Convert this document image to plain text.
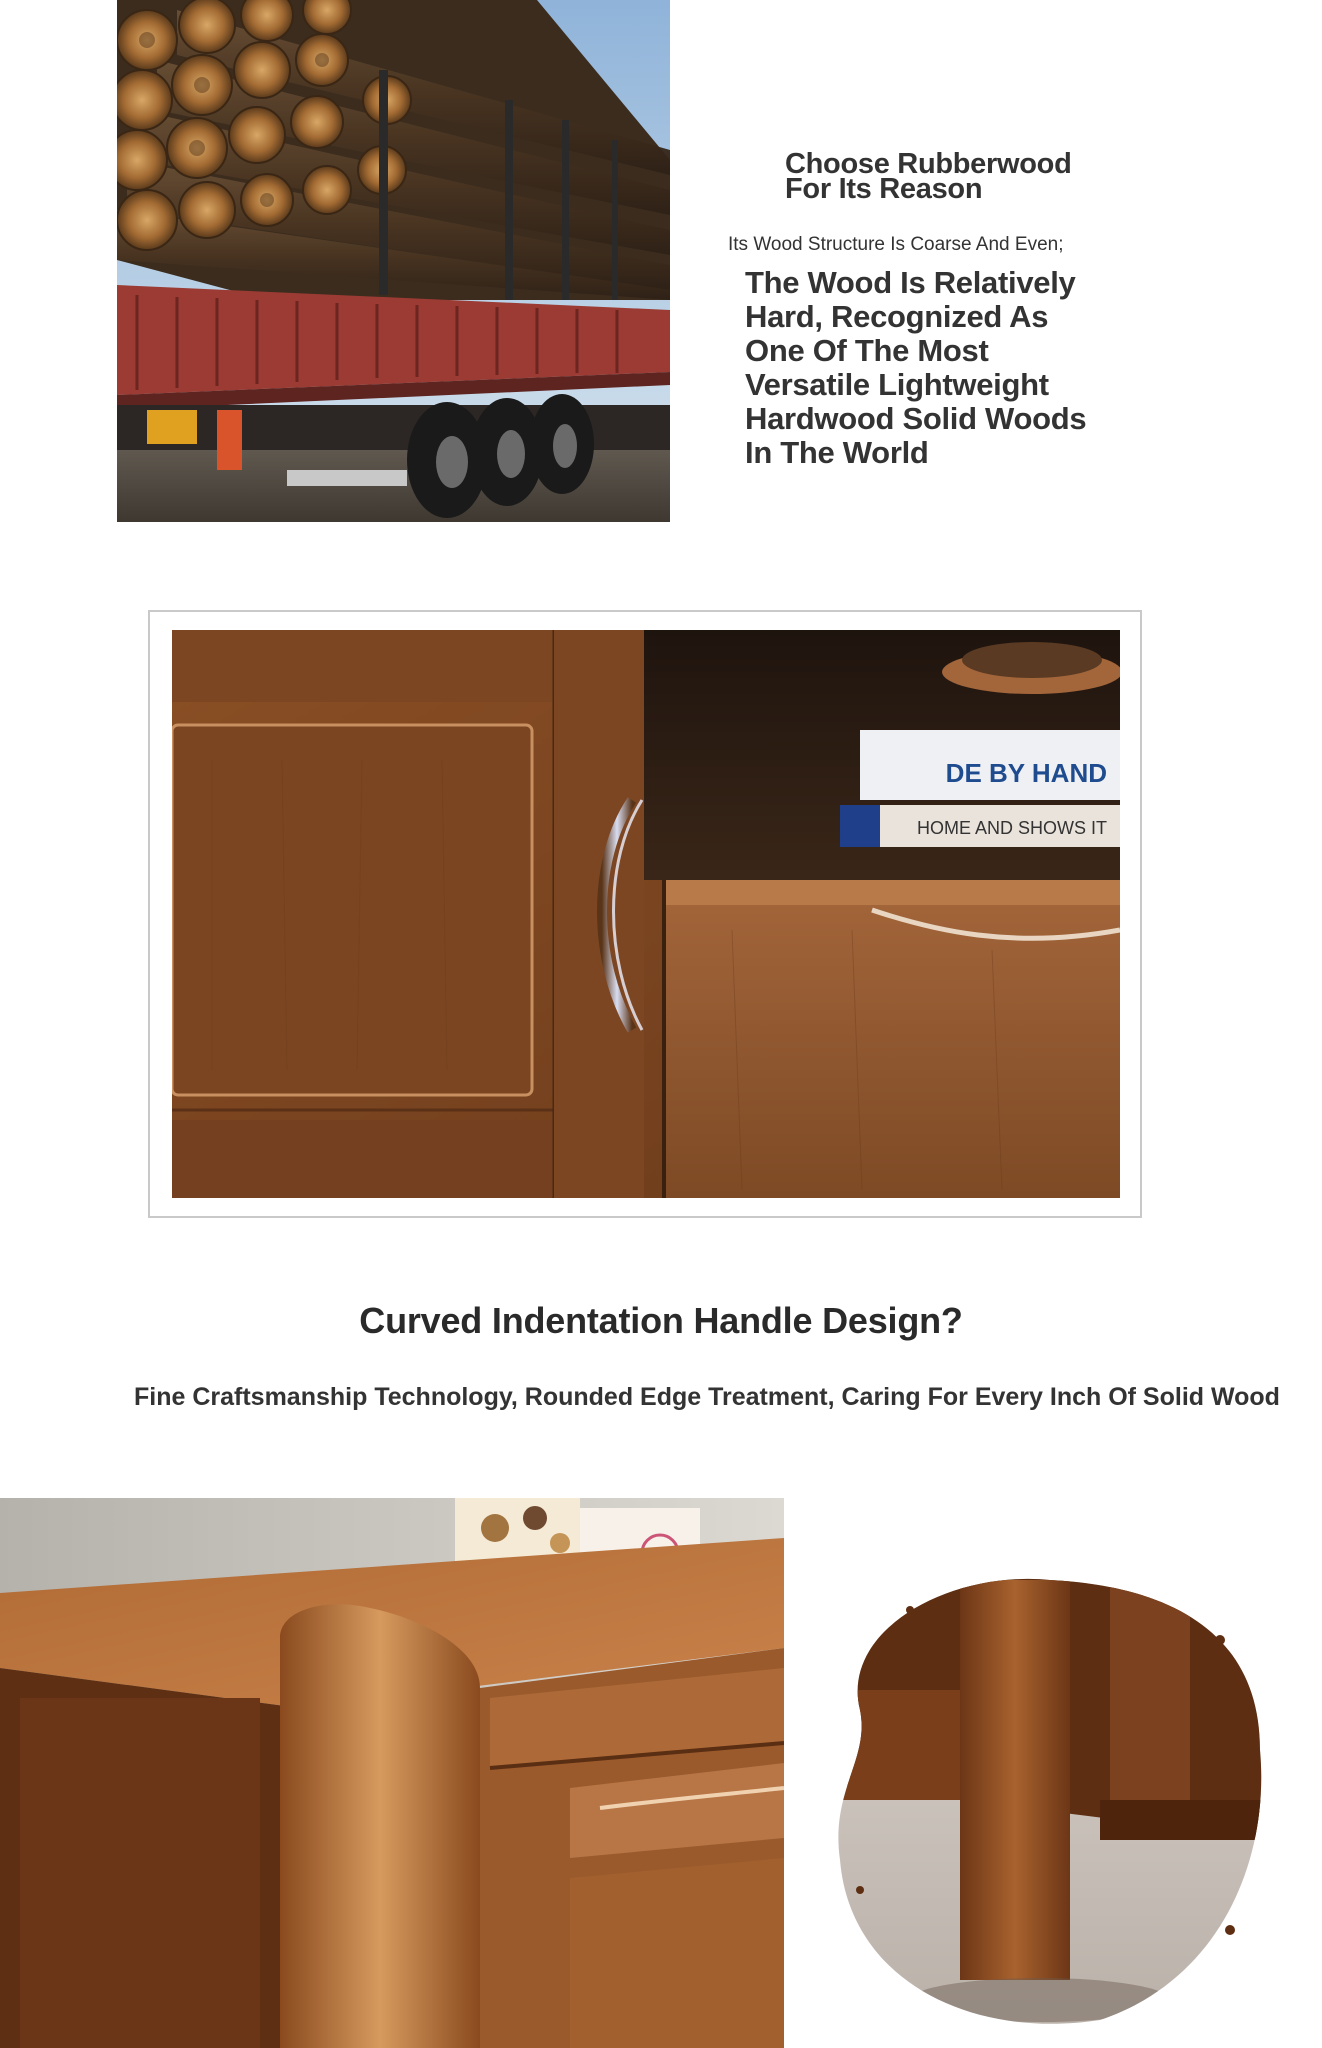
Choose Rubberwood
For Its Reason
Its Wood Structure Is Coarse And Even;
The Wood Is Relatively
Hard, Recognized As
One Of The Most
Versatile Lightweight
Hardwood Solid Woods
In The World
DE BY HAND
HOME AND SHOWS IT
Curved Indentation Handle Design?
Fine Craftsmanship Technology, Rounded Edge Treatment, Caring For Every Inch Of Solid Wood
